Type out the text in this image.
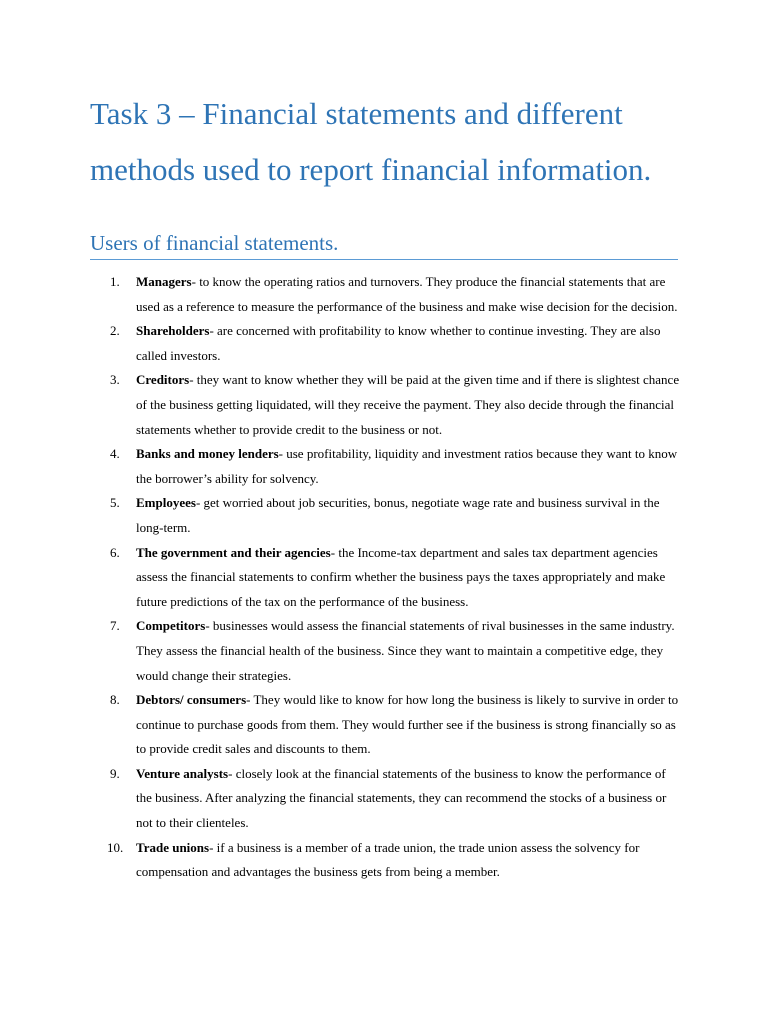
Task 3 – Financial statements and different methods used to report financial information.
Users of financial statements.
1. Managers- to know the operating ratios and turnovers. They produce the financial statements that are used as a reference to measure the performance of the business and make wise decision for the decision.
2. Shareholders- are concerned with profitability to know whether to continue investing. They are also called investors.
3. Creditors- they want to know whether they will be paid at the given time and if there is slightest chance of the business getting liquidated, will they receive the payment. They also decide through the financial statements whether to provide credit to the business or not.
4. Banks and money lenders- use profitability, liquidity and investment ratios because they want to know the borrower’s ability for solvency.
5. Employees- get worried about job securities, bonus, negotiate wage rate and business survival in the long-term.
6. The government and their agencies- the Income-tax department and sales tax department agencies assess the financial statements to confirm whether the business pays the taxes appropriately and make future predictions of the tax on the performance of the business.
7. Competitors- businesses would assess the financial statements of rival businesses in the same industry. They assess the financial health of the business. Since they want to maintain a competitive edge, they would change their strategies.
8. Debtors/ consumers- They would like to know for how long the business is likely to survive in order to continue to purchase goods from them. They would further see if the business is strong financially so as to provide credit sales and discounts to them.
9. Venture analysts- closely look at the financial statements of the business to know the performance of the business. After analyzing the financial statements, they can recommend the stocks of a business or not to their clienteles.
10. Trade unions- if a business is a member of a trade union, the trade union assess the solvency for compensation and advantages the business gets from being a member.
